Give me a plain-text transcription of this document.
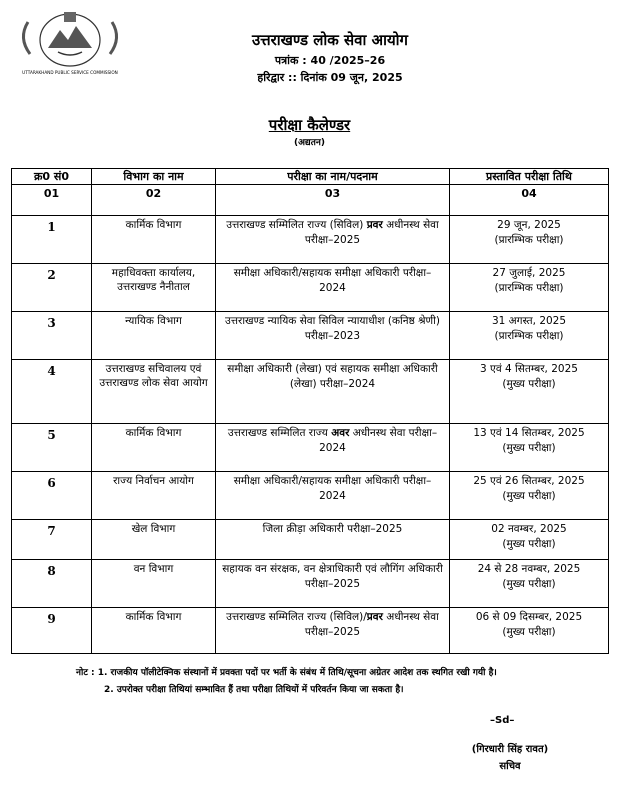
UTTARAKHAND PUBLIC SERVICE COMMISSION
उत्तराखण्ड लोक सेवा आयोग
पत्रांक : 40 /2025–26
हरिद्वार :: दिनांक 09 जून, 2025
परीक्षा कैलेण्डर
(अद्यतन)
क्र0 सं0	विभाग का नाम	परीक्षा का नाम/पदनाम	प्रस्तावित परीक्षा तिथि
01	02	03	04
1	कार्मिक विभाग	उत्तराखण्ड सम्मिलित राज्य (सिविल) प्रवर अधीनस्थ सेवा परीक्षा–2025	29 जून, 2025
(प्रारम्भिक परीक्षा)

2	महाधिवक्ता कार्यालय, उत्तराखण्ड नैनीताल	समीक्षा अधिकारी/सहायक समीक्षा अधिकारी परीक्षा–2024	27 जुलाई, 2025
(प्रारम्भिक परीक्षा)

3	न्यायिक विभाग	उत्तराखण्ड न्यायिक सेवा सिविल न्यायाधीश (कनिष्ठ श्रेणी) परीक्षा–2023	31 अगस्त, 2025
(प्रारम्भिक परीक्षा)

4	उत्तराखण्ड सचिवालय एवं उत्तराखण्ड लोक सेवा आयोग	समीक्षा अधिकारी (लेखा) एवं सहायक समीक्षा अधिकारी (लेखा) परीक्षा–2024	3 एवं 4 सितम्बर, 2025
(मुख्य परीक्षा)

5	कार्मिक विभाग	उत्तराखण्ड सम्मिलित राज्य अवर अधीनस्थ सेवा परीक्षा–2024	13 एवं 14 सितम्बर, 2025
(मुख्य परीक्षा)

6	राज्य निर्वाचन आयोग	समीक्षा अधिकारी/सहायक समीक्षा अधिकारी परीक्षा–2024	25 एवं 26 सितम्बर, 2025
(मुख्य परीक्षा)

7	खेल विभाग	जिला क्रीड़ा अधिकारी परीक्षा–2025	02 नवम्बर, 2025
(मुख्य परीक्षा)

8	वन विभाग	सहायक वन संरक्षक, वन क्षेत्राधिकारी एवं लौगिंग अधिकारी परीक्षा–2025	24 से 28 नवम्बर, 2025
(मुख्य परीक्षा)

9	कार्मिक विभाग	उत्तराखण्ड सम्मिलित राज्य (सिविल)/प्रवर अधीनस्थ सेवा परीक्षा–2025	06 से 09 दिसम्बर, 2025
(मुख्य परीक्षा)
नोट : 1. राजकीय पॉलीटेक्निक संस्थानों में प्रवक्ता पदों पर भर्ती के संबंध में तिथि/सूचना अग्रेतर आदेश तक स्थगित रखी गयी है।
2. उपरोक्त परीक्षा तिथियां सम्भावित हैं तथा परीक्षा तिथियों में परिवर्तन किया जा सकता है।
–Sd–
(गिरधारी सिंह रावत)
सचिव
